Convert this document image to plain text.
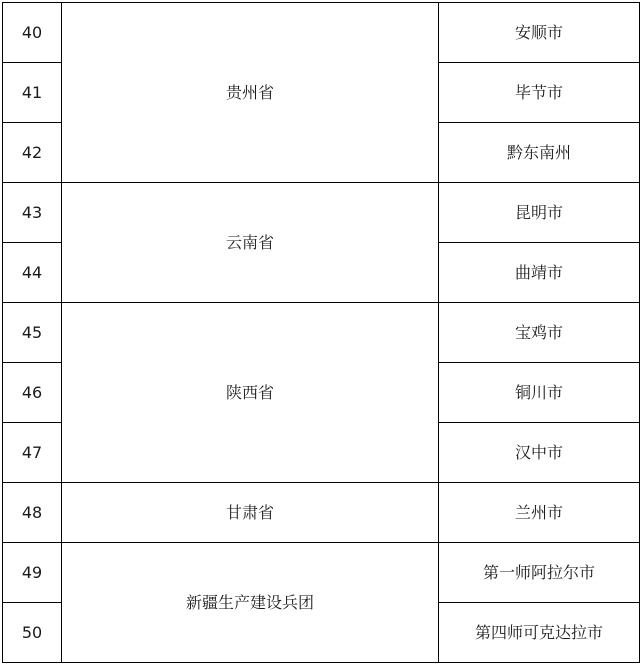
40	贵州省	安顺市
41		毕节市
42		黔东南州
43	云南省	昆明市
44		曲靖市
45	陕西省	宝鸡市
46		铜川市
47		汉中市
48	甘肃省	兰州市
49	新疆生产建设兵团	第一师阿拉尔市
50		第四师可克达拉市
